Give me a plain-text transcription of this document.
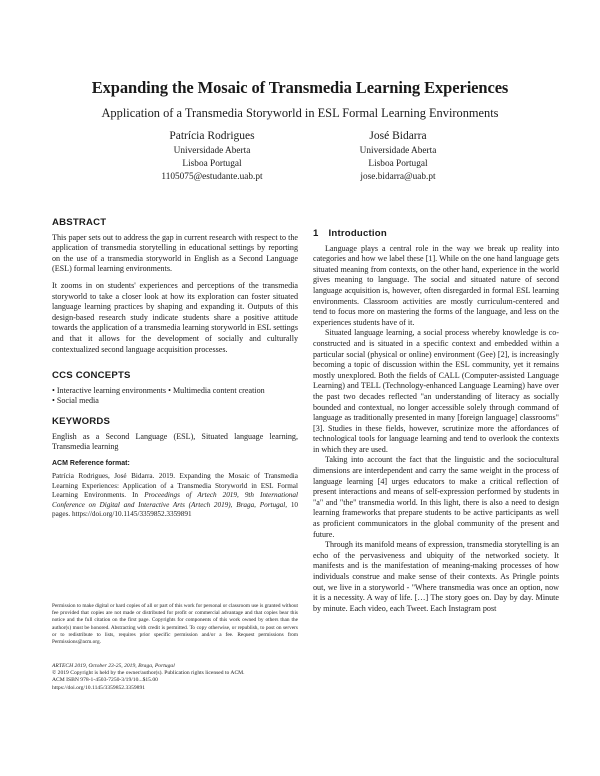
Expanding the Mosaic of Transmedia Learning Experiences
Application of a Transmedia Storyworld in ESL Formal Learning Environments
Patrícia Rodrigues
Universidade Aberta
Lisboa Portugal
1105075@estudante.uab.pt
José Bidarra
Universidade Aberta
Lisboa Portugal
jose.bidarra@uab.pt
ABSTRACT
This paper sets out to address the gap in current research with respect to the application of transmedia storytelling in educational settings by reporting on the use of a transmedia storyworld in English as a Second Language (ESL) formal learning environments.
It zooms in on students' experiences and perceptions of the transmedia storyworld to take a closer look at how its exploration can foster situated language learning practices by shaping and expanding it. Outputs of this design-based research study indicate students share a positive attitude towards the application of a transmedia learning storyworld in ESL settings and that it allows for the development of socially and culturally contextualized second language acquisition processes.
CCS CONCEPTS
• Interactive learning environments • Multimedia content creation
• Social media
KEYWORDS
English as a Second Language (ESL), Situated language learning, Transmedia learning
ACM Reference format:
Patrícia Rodrigues, José Bidarra. 2019. Expanding the Mosaic of Transmedia Learning Experiences: Application of a Transmedia Storyworld in ESL Formal Learning Environments. In Proceedings of Artech 2019, 9th International Conference on Digital and Interactive Arts (Artech 2019), Braga, Portugal, 10 pages. https://doi.org/10.1145/3359852.3359891
Permission to make digital or hard copies of all or part of this work for personal or classroom use is granted without fee provided that copies are not made or distributed for profit or commercial advantage and that copies bear this notice and the full citation on the first page. Copyrights for components of this work owned by others than the author(s) must be honored. Abstracting with credit is permitted. To copy otherwise, or republish, to post on servers or to redistribute to lists, requires prior specific permission and/or a fee. Request permissions from Permissions@acm.org.
ARTECH 2019, October 23-25, 2019, Braga, Portugal
© 2019 Copyright is held by the owner/author(s). Publication rights licensed to ACM.
ACM ISBN 978-1-4503-7250-3/19/10...$15.00
https://doi.org/10.1145/3359852.3359891
1 Introduction
Language plays a central role in the way we break up reality into categories and how we label these [1]. While on the one hand language gets situated meaning from contexts, on the other hand, experience in the world gives meaning to language. The social and situated nature of second language acquisition is, however, often disregarded in formal ESL learning environments. Classroom activities are mostly curriculum-centered and tend to focus more on mastering the forms of the language, and less on the experiences students have of it.
Situated language learning, a social process whereby knowledge is co-constructed and is situated in a specific context and embedded within a particular social (physical or online) environment (Gee) [2], is increasingly becoming a topic of discussion within the ESL community, yet it remains mostly unexplored. Both the fields of CALL (Computer-assisted Language Learning) and TELL (Technology-enhanced Language Learning) have over the past two decades reflected "an understanding of literacy as socially bounded and contextual, no longer accessible solely through command of language as traditionally presented in many [foreign language] classrooms" [3]. Studies in these fields, however, scrutinize more the affordances of technological tools for language learning and tend to overlook the contexts in which they are used.
Taking into account the fact that the linguistic and the sociocultural dimensions are interdependent and carry the same weight in the process of language learning [4] urges educators to make a critical reflection of present interactions and means of self-expression performed by students in "a" and "the" transmedia world. In this light, there is also a need to design learning frameworks that prepare students to be active participants as well as proficient communicators in the global community of the present and future.
Through its manifold means of expression, transmedia storytelling is an echo of the pervasiveness and ubiquity of the networked society. It manifests and is the manifestation of meaning-making processes of how individuals construe and make sense of their contexts. As Pringle points out, we live in a storyworld - "Where transmedia was once an option, now it is a necessity. A way of life. […] The story goes on. Day by day. Minute by minute. Each video, each Tweet. Each Instagram post
